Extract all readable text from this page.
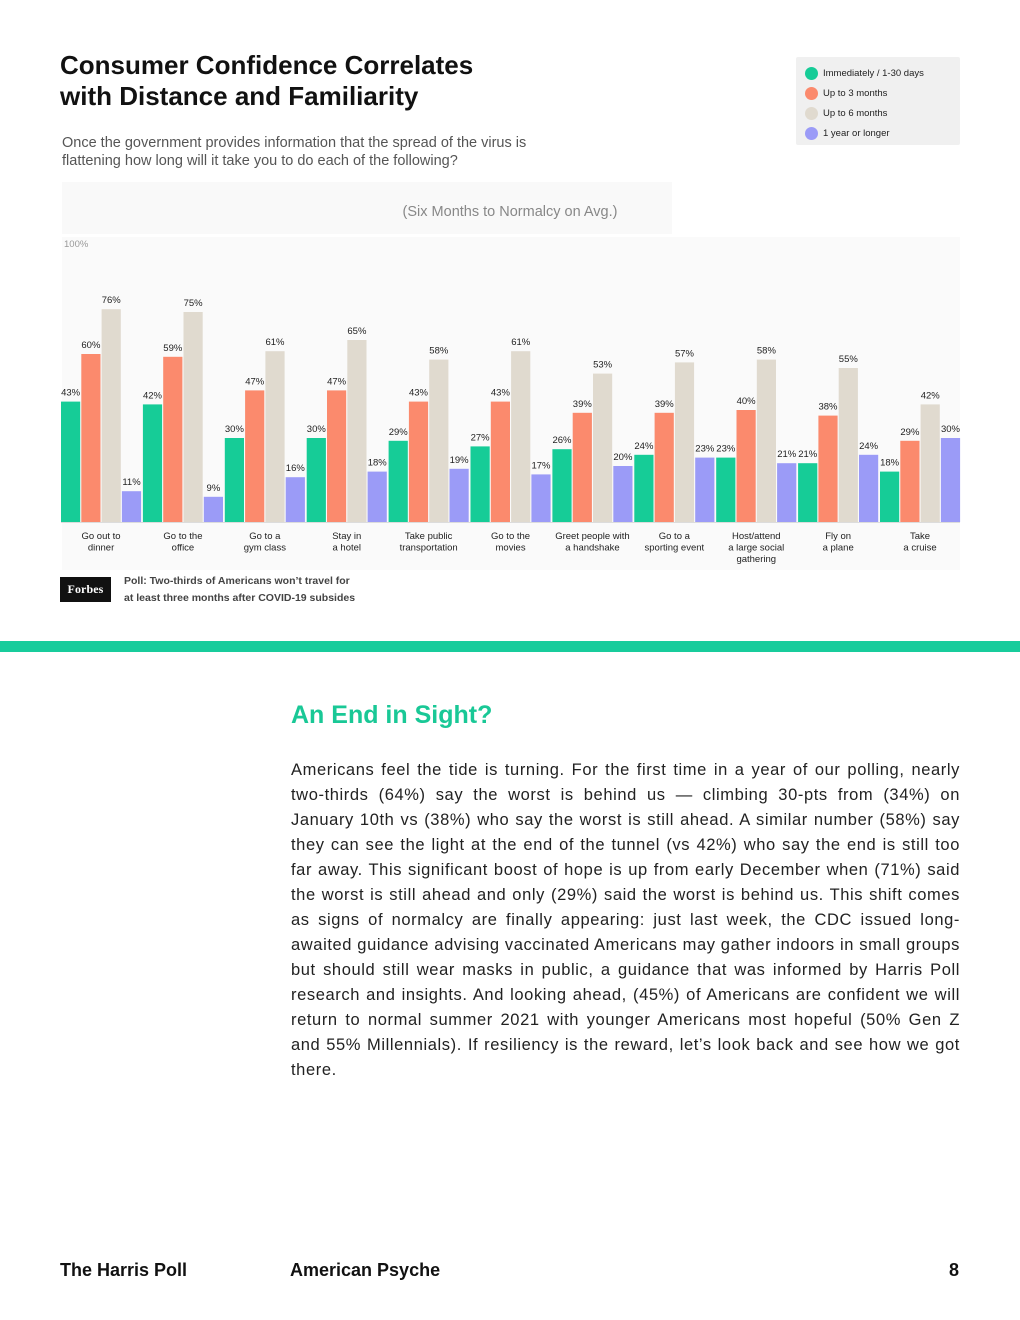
Consumer Confidence Correlates
with Distance and Familiarity
Once the government provides information that the spread of the virus is flattening how long will it take you to do each of the following?
Immediately / 1-30 days
Up to 3 months
Up to 6 months
1 year or longer
(Six Months to Normalcy on Avg.)
100%
43%
60%
76%
11%
Go out to
dinner
42%
59%
75%
9%
Go to the
office
30%
47%
61%
16%
Go to a
gym class
30%
47%
65%
18%
Stay in
a hotel
29%
43%
58%
19%
Take public
transportation
27%
43%
61%
17%
Go to the
movies
26%
39%
53%
20%
Greet people with
a handshake
24%
39%
57%
23%
Go to a
sporting event
23%
40%
58%
21%
Host/attend
a large social
gathering
21%
38%
55%
24%
Fly on
a plane
18%
29%
42%
30%
Take
a cruise
Forbes
Poll: Two-thirds of Americans won’t travel for
at least three months after COVID-19 subsides
An End in Sight?
Americans feel the tide is turning. For the first time in a year of our polling, nearly two-thirds (64%) say the worst is behind us — climbing 30-pts from (34%) on January 10th vs (38%) who say the worst is still ahead. A similar number (58%) say they can see the light at the end of the tunnel (vs 42%) who say the end is still too far away. This significant boost of hope is up from early December when (71%) said the worst is still ahead and only (29%) said the worst is behind us. This shift comes as signs of normalcy are finally appearing: just last week, the CDC issued long-awaited guidance advising vaccinated Americans may gather indoors in small groups but should still wear masks in public, a guidance that was informed by Harris Poll research and insights. And looking ahead, (45%) of Americans are confident we will return to normal summer 2021 with younger Americans most hopeful (50% Gen Z and 55% Millennials). If resiliency is the reward, let’s look back and see how we got there.
The Harris Poll	American Psyche	8
